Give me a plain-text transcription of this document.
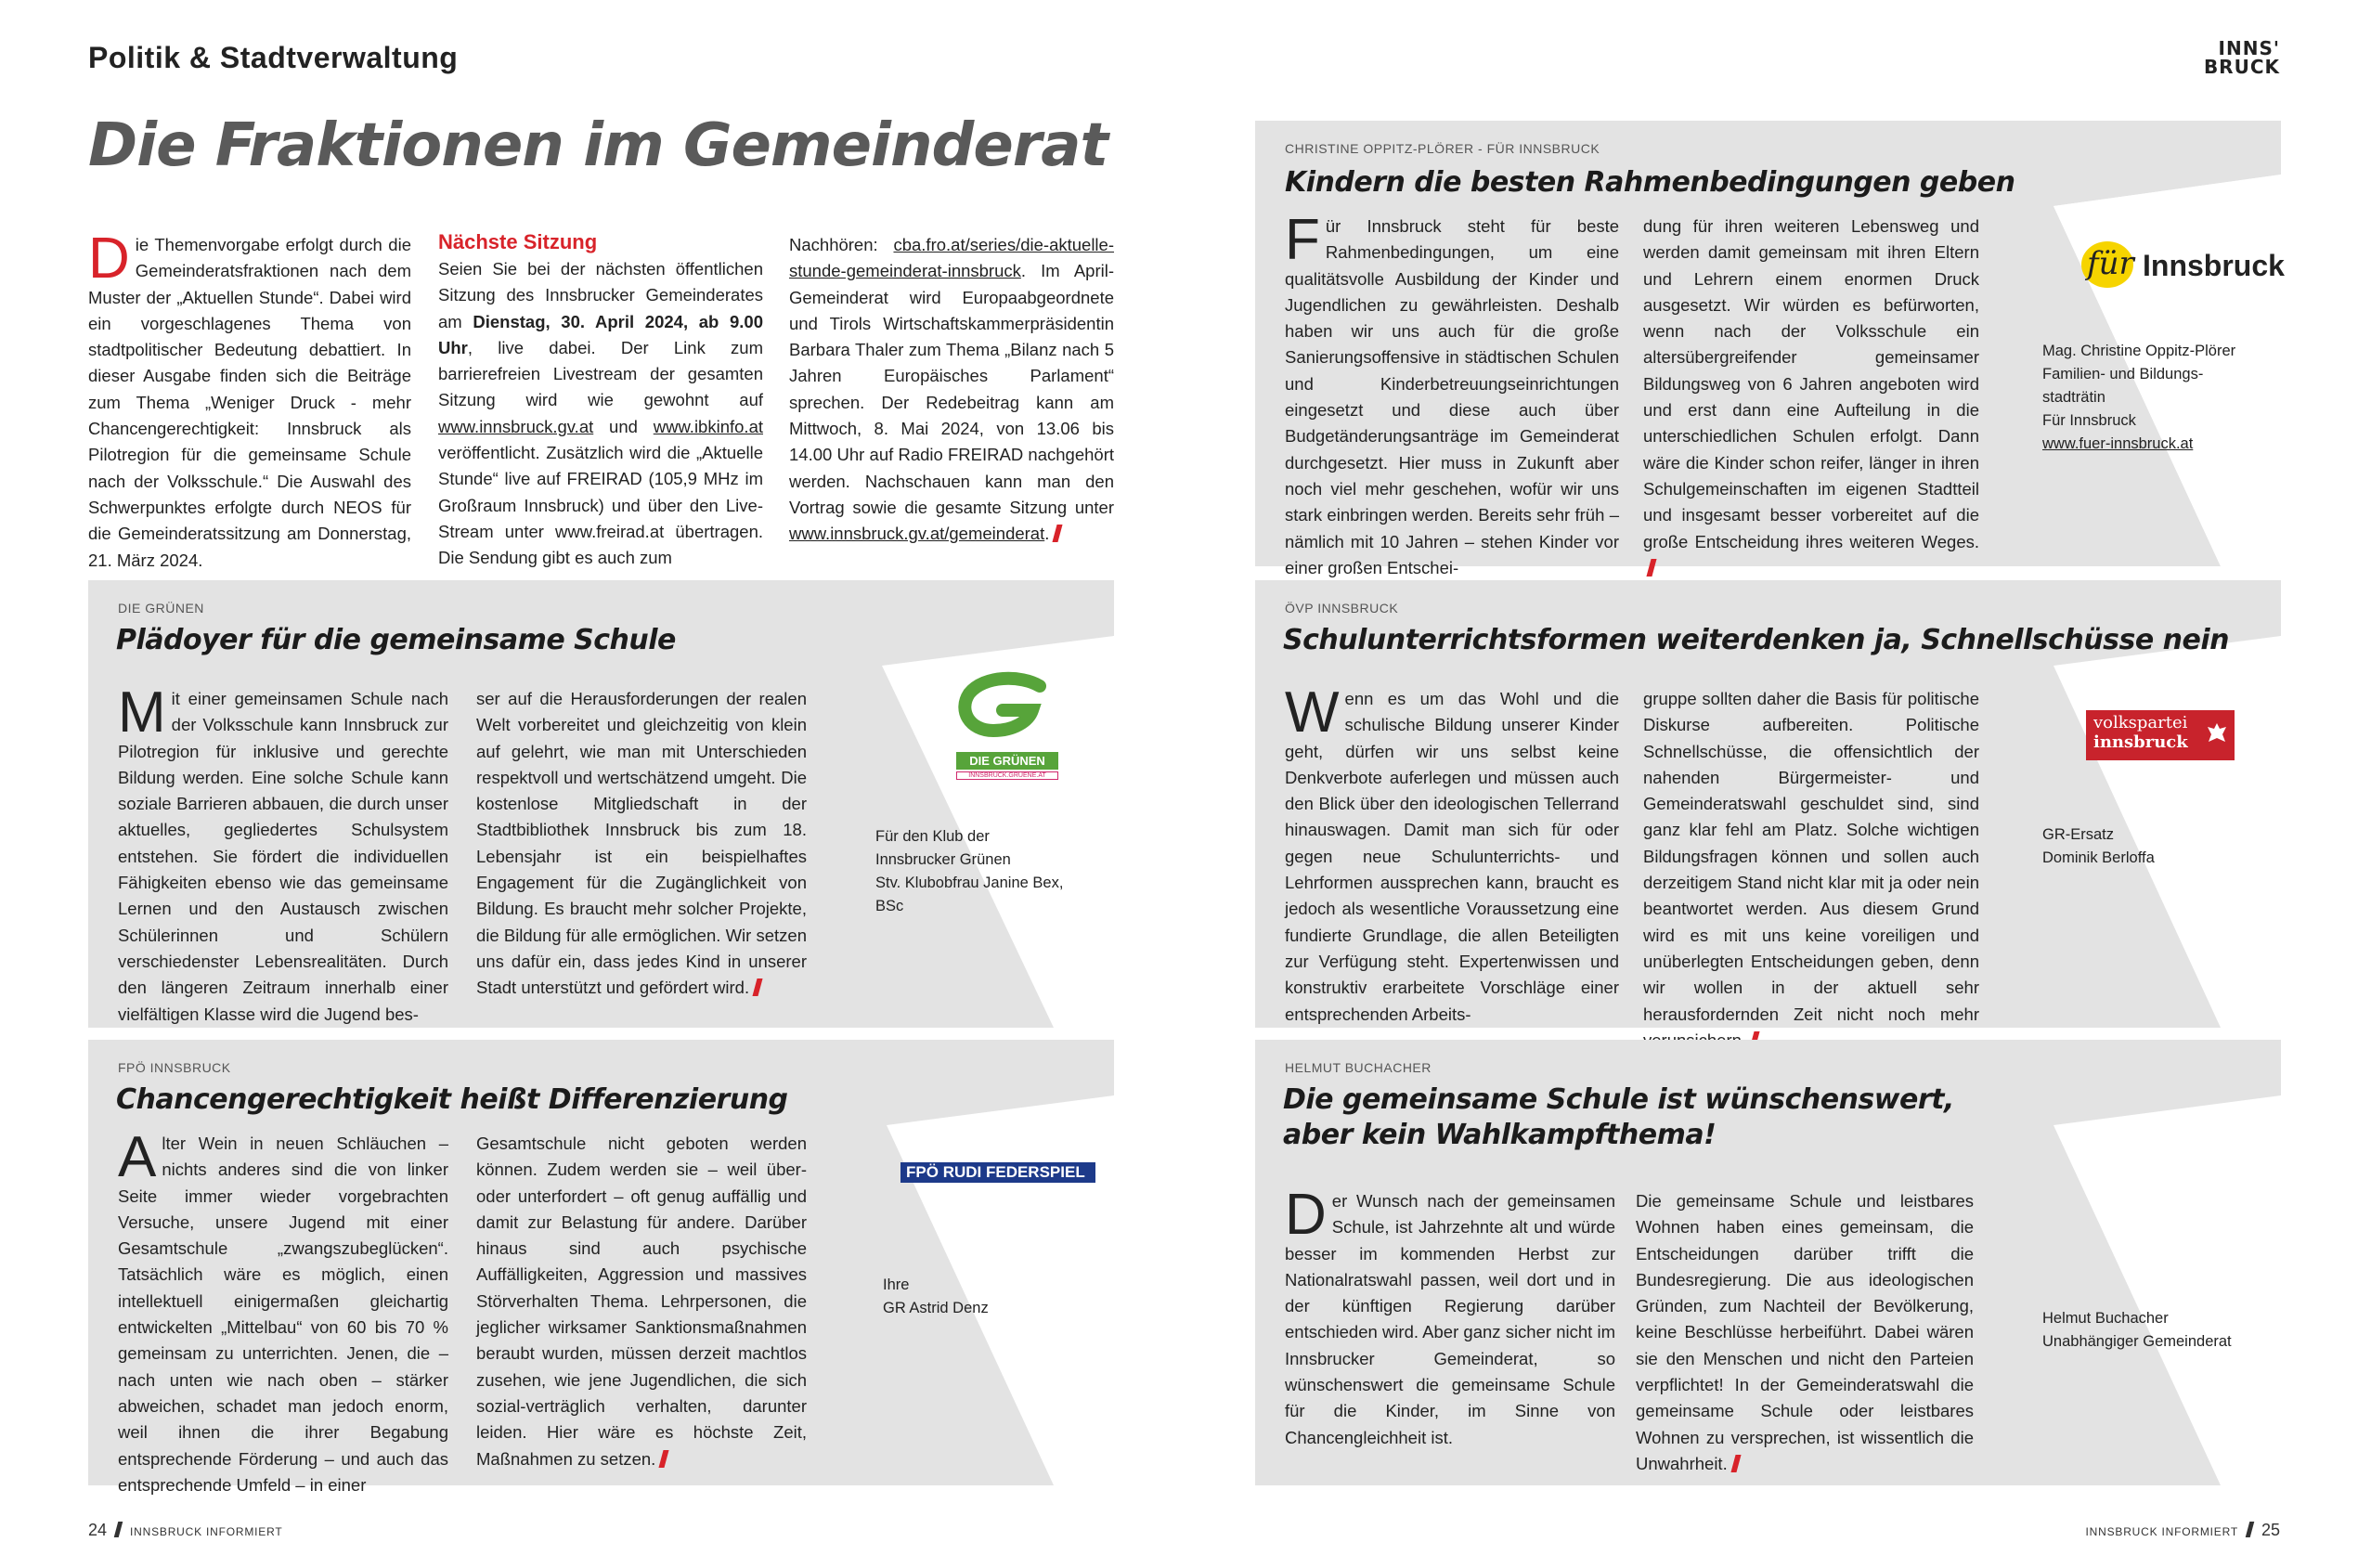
Politik & Stadtverwaltung	INNS'
BRUCK
Die Fraktionen im Gemeinderat
Die Themenvorgabe erfolgt durch die Gemeinderatsfraktionen nach dem Muster der „Aktuellen Stunde“. Dabei wird ein vorgeschlagenes Thema von stadtpolitischer Bedeutung debattiert. In dieser Ausgabe finden sich die Beiträge zum Thema „Weniger Druck - mehr Chancengerechtigkeit: Innsbruck als Pilotregion für die gemeinsame Schule nach der Volksschule.“ Die Auswahl des Schwerpunktes erfolgte durch NEOS für die Gemeinderatssitzung am Donnerstag, 21. März 2024.
Nächste Sitzung
Seien Sie bei der nächsten öffentlichen Sitzung des Innsbrucker Gemeinderates am Dienstag, 30. April 2024, ab 9.00 Uhr, live dabei. Der Link zum barrierefreien Livestream der gesamten Sitzung wird wie gewohnt auf www.innsbruck.gv.at und www.ibkinfo.at veröffentlicht. Zusätzlich wird die „Aktuelle Stunde“ live auf FREIRAD (105,9 MHz im Großraum Innsbruck) und über den Live-Stream unter www.freirad.at übertragen. Die Sendung gibt es auch zum
Nachhören: cba.fro.at/series/die-aktuelle-stunde-gemeinderat-innsbruck. Im April-Gemeinderat wird Europaabgeordnete und Tirols Wirtschaftskammerpräsidentin Barbara Thaler zum Thema „Bilanz nach 5 Jahren Europäisches Parlament“ sprechen. Der Redebeitrag kann am Mittwoch, 8. Mai 2024, von 13.06 bis 14.00 Uhr auf Radio FREIRAD nachgehört werden. Nachschauen kann man den Vortrag sowie die gesamte Sitzung unter www.innsbruck.gv.at/gemeinderat.
CHRISTINE OPPITZ-PLÖRER - FÜR INNSBRUCK
Kindern die besten Rahmenbedingungen geben
Für Innsbruck steht für beste Rahmenbedingungen, um eine qualitätsvolle Ausbildung der Kinder und Jugendlichen zu gewährleisten. Deshalb haben wir uns auch für die große Sanierungsoffensive in städtischen Schulen und Kinderbetreuungseinrichtungen eingesetzt und diese auch über Budgetänderungsanträge im Gemeinderat durchgesetzt. Hier muss in Zukunft aber noch viel mehr geschehen, wofür wir uns stark einbringen werden. Bereits sehr früh – nämlich mit 10 Jahren – stehen Kinder vor einer großen Entschei-
dung für ihren weiteren Lebensweg und werden damit gemeinsam mit ihren Eltern und Lehrern einem enormen Druck ausgesetzt. Wir würden es befürworten, wenn nach der Volksschule ein altersübergreifender gemeinsamer Bildungsweg von 6 Jahren angeboten wird und erst dann eine Aufteilung in die unterschiedlichen Schulen erfolgt. Dann wäre die Kinder schon reifer, länger in ihren Schulgemeinschaften im eigenen Stadtteil und insgesamt besser vorbereitet auf die große Entscheidung ihres weiteren Weges.
für Innsbruck
Mag. Christine Oppitz-Plörer
Familien- und Bildungs-
stadträtin
Für Innsbruck
www.fuer-innsbruck.at
DIE GRÜNEN
Plädoyer für die gemeinsame Schule
Mit einer gemeinsamen Schule nach der Volksschule kann Innsbruck zur Pilotregion für inklusive und gerechte Bildung werden. Eine solche Schule kann soziale Barrieren abbauen, die durch unser aktuelles, gegliedertes Schulsystem entstehen. Sie fördert die individuellen Fähigkeiten ebenso wie das gemeinsame Lernen und den Austausch zwischen Schülerinnen und Schülern verschiedenster Lebensrealitäten. Durch den längeren Zeitraum innerhalb einer vielfältigen Klasse wird die Jugend bes-
ser auf die Herausforderungen der realen Welt vorbereitet und gleichzeitig von klein auf gelehrt, wie man mit Unterschieden respektvoll und wertschätzend umgeht. Die kostenlose Mitgliedschaft in der Stadtbibliothek Innsbruck bis zum 18. Lebensjahr ist ein beispielhaftes Engagement für die Zugänglichkeit von Bildung. Es braucht mehr solcher Projekte, die Bildung für alle ermöglichen. Wir setzen uns dafür ein, dass jedes Kind in unserer Stadt unterstützt und gefördert wird.
DIE GRÜNEN
INNSBRUCK.GRUENE.AT
Für den Klub der
Innsbrucker Grünen
Stv. Klubobfrau Janine Bex,
BSc
ÖVP INNSBRUCK
Schulunterrichtsformen weiterdenken ja, Schnellschüsse nein
Wenn es um das Wohl und die schulische Bildung unserer Kinder geht, dürfen wir uns selbst keine Denkverbote auferlegen und müssen auch den Blick über den ideologischen Tellerrand hinauswagen. Damit man sich für oder gegen neue Schulunterrichts- und Lehrformen aussprechen kann, braucht es jedoch als wesentliche Voraussetzung eine fundierte Grundlage, die allen Beteiligten zur Verfügung steht. Expertenwissen und konstruktiv erarbeitete Vorschläge einer entsprechenden Arbeits-
gruppe sollten daher die Basis für politische Diskurse aufbereiten. Politische Schnellschüsse, die offensichtlich der nahenden Bürgermeister- und Gemeinderatswahl geschuldet sind, sind ganz klar fehl am Platz. Solche wichtigen Bildungsfragen können und sollen auch derzeitigem Stand nicht klar mit ja oder nein beantwortet werden. Aus diesem Grund wird es mit uns keine voreiligen und unüberlegten Entscheidungen geben, denn wir wollen in der aktuell sehr herausfordernden Zeit nicht noch mehr
volkspartei
innsbruck
GR-Ersatz
Dominik Berloffa
FPÖ INNSBRUCK
Chancengerechtigkeit heißt Differenzierung
Alter Wein in neuen Schläuchen – nichts anderes sind die von linker Seite immer wieder vorgebrachten Versuche, unsere Jugend mit einer Gesamtschule „zwangszubeglücken“. Tatsächlich wäre es möglich, einen intellektuell einigermaßen gleichartig entwickelten „Mittelbau“ von 60 bis 70 % gemeinsam zu unterrichten. Jenen, die – nach unten wie nach oben – stärker abweichen, schadet man jedoch enorm, weil ihnen die ihrer Begabung entsprechende Förderung – und auch das entsprechende Umfeld – in einer
Gesamtschule nicht geboten werden können. Zudem werden sie – weil über- oder unterfordert – oft genug auffällig und damit zur Belastung für andere. Darüber hinaus sind auch psychische Auffälligkeiten, Aggression und massives Störverhalten Thema. Lehrpersonen, die jeglicher wirksamer Sanktionsmaßnahmen beraubt wurden, müssen derzeit machtlos zusehen, wie jene Jugendlichen, die sich sozial-verträglich verhalten, darunter leiden. Hier wäre es höchste Zeit, Maßnahmen zu setzen.
FPÖ RUDI FEDERSPIEL
Ihre
GR Astrid Denz
HELMUT BUCHACHER
Die gemeinsame Schule ist wünschenswert,
aber kein Wahlkampfthema!
Der Wunsch nach der gemeinsamen Schule, ist Jahrzehnte alt und würde besser im kommenden Herbst zur Nationalratswahl passen, weil dort und in der künftigen Regierung darüber entschieden wird. Aber ganz sicher nicht im Innsbrucker Gemeinderat, so wünschenswert die gemeinsame Schule für die Kinder, im Sinne von Chancengleichheit ist.
Die gemeinsame Schule und leistbares Wohnen haben eines gemeinsam, die Entscheidungen darüber trifft die Bundesregierung. Die aus ideologischen Gründen, zum Nachteil der Bevölkerung, keine Beschlüsse herbeiführt. Dabei wären sie den Menschen und nicht den Parteien verpflichtet! In der Gemeinderatswahl die gemeinsame Schule oder leistbares Wohnen zu versprechen, ist wissentlich die Unwahrheit.
Helmut Buchacher
Unabhängiger Gemeinderat
24 INNSBRUCK INFORMIERT	INNSBRUCK INFORMIERT 25
